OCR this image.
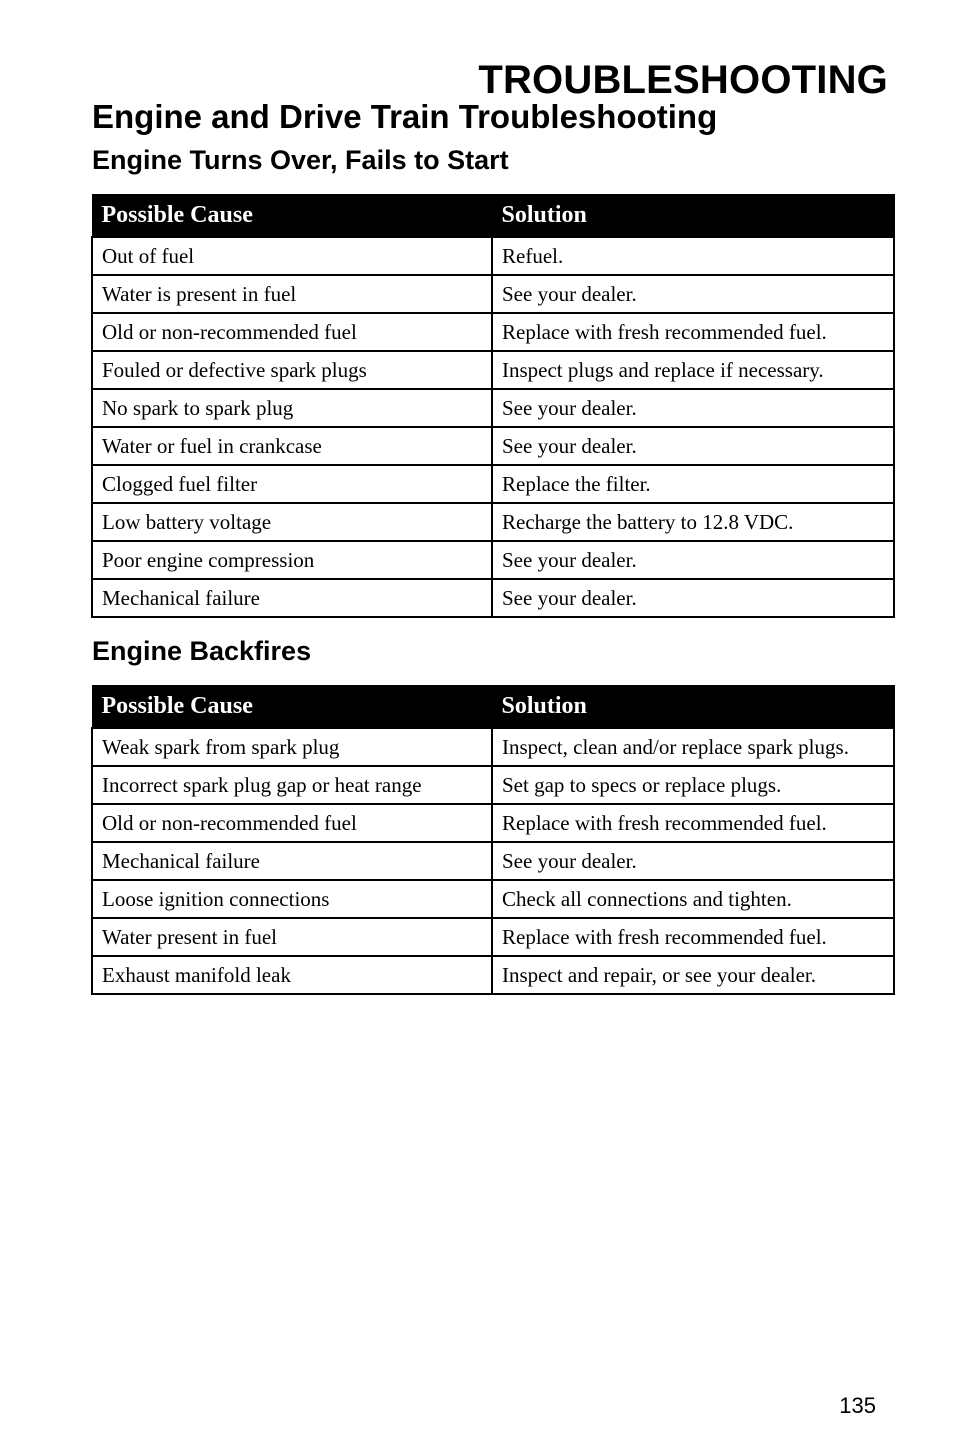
TROUBLESHOOTING
Engine and Drive Train Troubleshooting
Engine Turns Over, Fails to Start
Possible Cause	Solution
Out of fuel	Refuel.
Water is present in fuel	See your dealer.
Old or non-recommended fuel	Replace with fresh recommended fuel.
Fouled or defective spark plugs	Inspect plugs and replace if necessary.
No spark to spark plug	See your dealer.
Water or fuel in crankcase	See your dealer.
Clogged fuel filter	Replace the filter.
Low battery voltage	Recharge the battery to 12.8 VDC.
Poor engine compression	See your dealer.
Mechanical failure	See your dealer.
Engine Backfires
Possible Cause	Solution
Weak spark from spark plug	Inspect, clean and/or replace spark plugs.
Incorrect spark plug gap or heat range	Set gap to specs or replace plugs.
Old or non-recommended fuel	Replace with fresh recommended fuel.
Mechanical failure	See your dealer.
Loose ignition connections	Check all connections and tighten.
Water present in fuel	Replace with fresh recommended fuel.
Exhaust manifold leak	Inspect and repair, or see your dealer.
135
